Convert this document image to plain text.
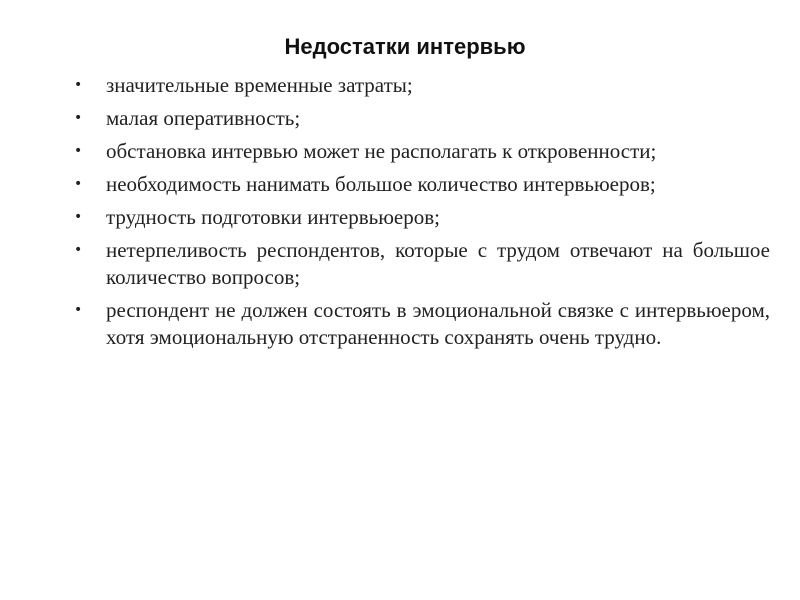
Недостатки интервью
• значительные временные затраты;
• малая оперативность;
• обстановка интервью может не располагать к откровенности;
• необходимость нанимать большое количество интервьюеров;
• трудность подготовки интервьюеров;
• нетерпеливость респондентов, которые с трудом отвечают на большое количество вопросов;
• респондент не должен состоять в эмоциональной связке с интервьюером, хотя эмоциональную отстраненность сохранять очень трудно.
